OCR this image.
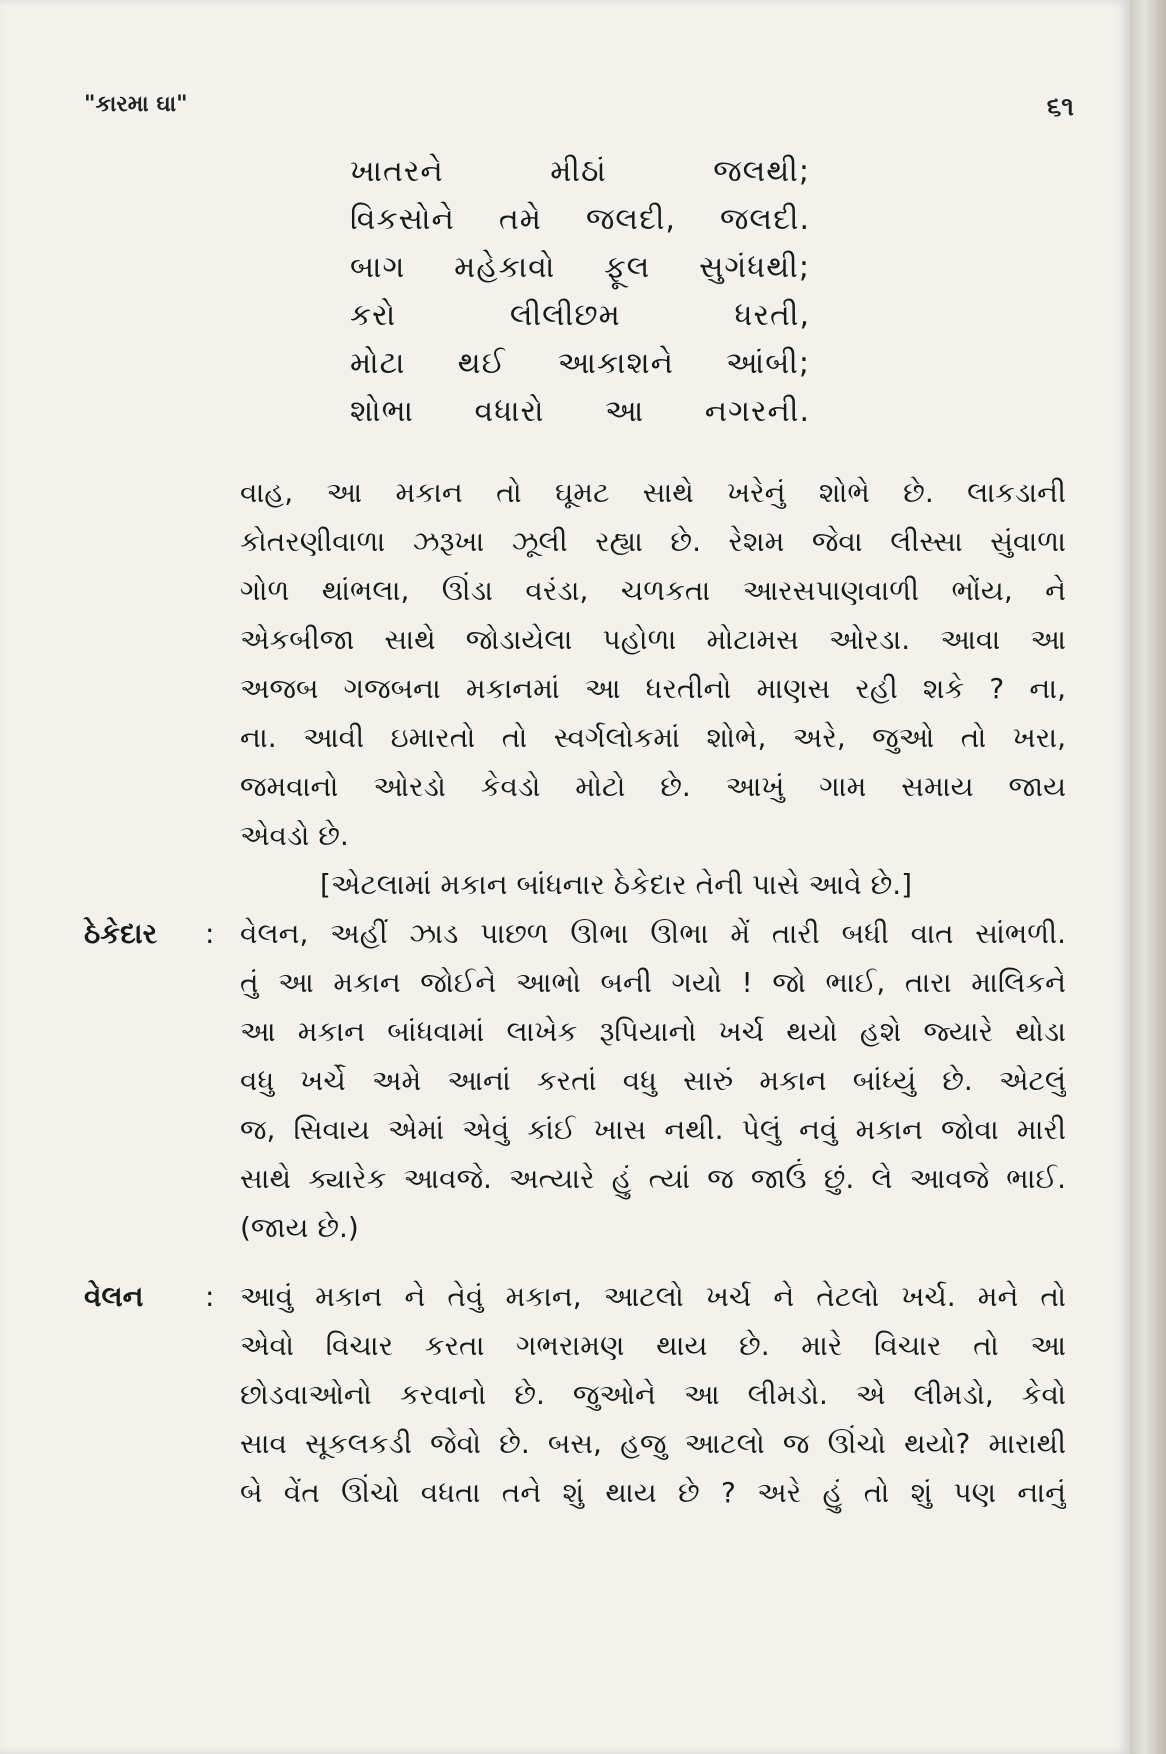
"કારમા ઘા"	૬૧
ખાતરને મીઠાં જલથી;
વિકસોને તમે જલદી, જલદી.
બાગ મહેકાવો ફૂલ સુગંધથી;
કરો લીલીછમ ધરતી,
મોટા થઈ આકાશને આંબી;
શોભા વધારો આ નગરની.
વાહ, આ મકાન તો ઘૂમટ સાથે ખરેનું શોભે છે. લાકડાની
કોતરણીવાળા ઝરૂખા ઝૂલી રહ્યા છે. રેશમ જેવા લીસ્સા સુંવાળા
ગોળ થાંભલા, ઊંડા વરંડા, ચળકતા આરસપાણવાળી ભોંય, ને
એકબીજા સાથે જોડાયેલા પહોળા મોટામસ ઓરડા. આવા આ
અજબ ગજબના મકાનમાં આ ધરતીનો માણસ રહી શકે ? ના,
ના. આવી ઇમારતો તો સ્વર્ગલોકમાં શોભે, અરે, જુઓ તો ખરા,
જમવાનો ઓરડો કેવડો મોટો છે. આખું ગામ સમાય જાય
એવડો છે.
[એટલામાં મકાન બાંધનાર ઠેકેદાર તેની પાસે આવે છે.]
ઠેકેદાર : વેલન, અહીં ઝાડ પાછળ ઊભા ઊભા મેં તારી બધી વાત સાંભળી.
તું આ મકાન જોઈને આભો બની ગયો ! જો ભાઈ, તારા માલિકને
આ મકાન બાંધવામાં લાખેક રૂપિયાનો ખર્ચ થયો હશે જ્યારે થોડા
વધુ ખર્ચે અમે આનાં કરતાં વધુ સારું મકાન બાંધ્યું છે. એટલું
જ, સિવાય એમાં એવું કાંઈ ખાસ નથી. પેલું નવું મકાન જોવા મારી
સાથે ક્યારેક આવજે. અત્યારે હું ત્યાં જ જાઉં છું. લે આવજે ભાઈ.
(જાય છે.)
વેલન : આવું મકાન ને તેવું મકાન, આટલો ખર્ચ ને તેટલો ખર્ચ. મને તો
એવો વિચાર કરતા ગભરામણ થાય છે. મારે વિચાર તો આ
છોડવાઓનો કરવાનો છે. જુઓને આ લીમડો. એ લીમડો, કેવો
સાવ સૂકલકડી જેવો છે. બસ, હજુ આટલો જ ઊંચો થયો? મારાથી
બે વેંત ઊંચો વધતા તને શું થાય છે ? અરે હું તો શું પણ નાનું
